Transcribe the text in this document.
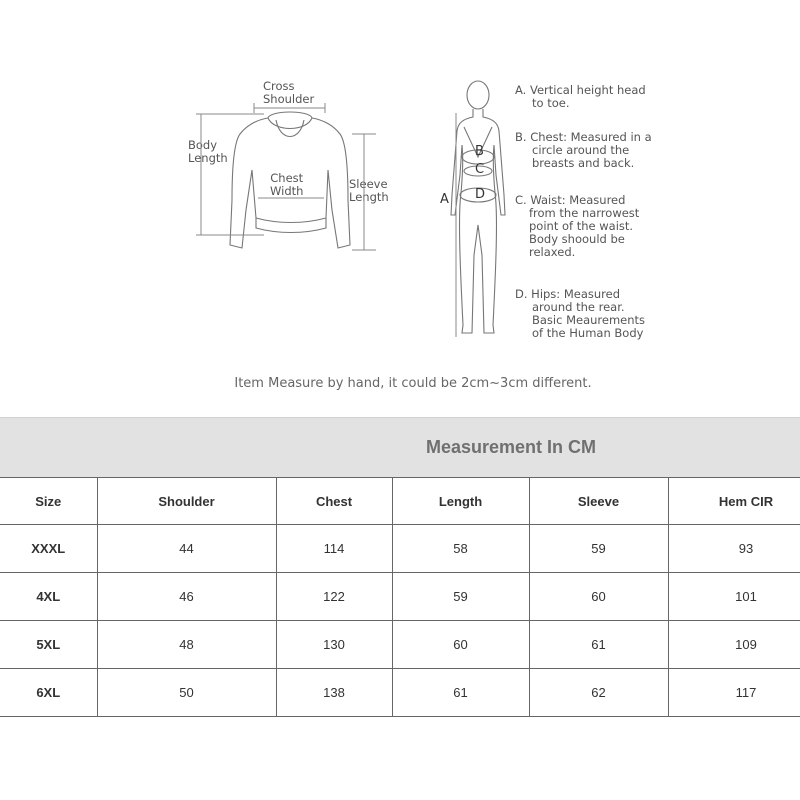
Cross
Shoulder
Body
Length
Chest
Width	Sleeve
Length	A
B
C
D
A. Vertical height head
to toe.
B. Chest: Measured in a
circle around the
breasts and back.
C. Waist: Measured
from the narrowest
point of the waist.
Body shoould be
relaxed.
D. Hips: Measured
around the rear.
Basic Meaurements
of the Human Body
Item Measure by hand, it could be 2cm~3cm different.
Measurement In CM
Size	Shoulder	Chest	Length	Sleeve	Hem CIR
XXXL	44	114	58	59	93
4XL	46	122	59	60	101
5XL	48	130	60	61	109
6XL	50	138	61	62	117
